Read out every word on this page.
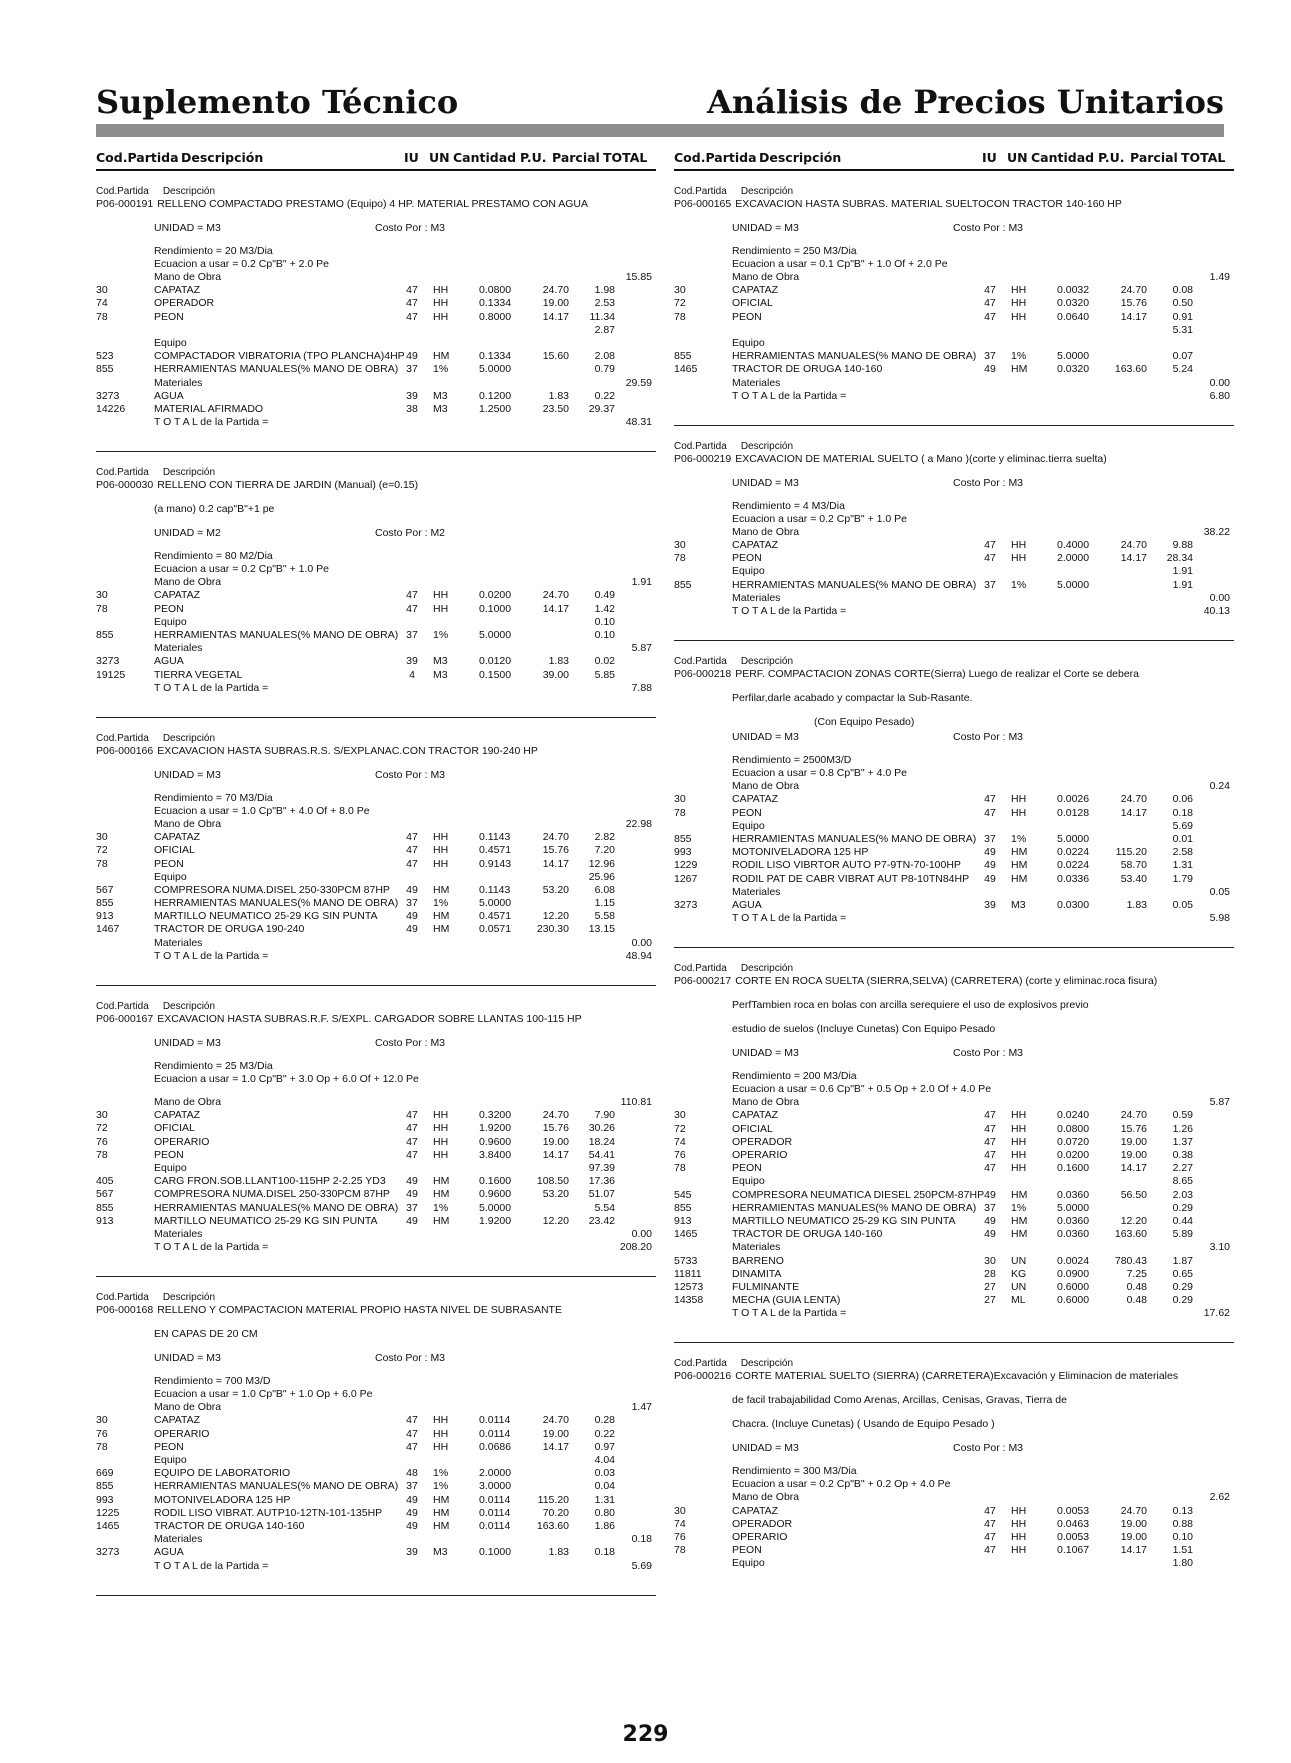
Suplemento Técnico	Análisis de Precios Unitarios
Cod.Partida Descripción	IU UN Cantidad P.U. Parcial TOTAL
Cod.Partida Descripción
P06-000191 RELLENO COMPACTADO PRESTAMO (Equipo) 4 HP. MATERIAL PRESTAMO CON AGUA
UNIDAD = M3	Costo Por : M3
Rendimiento = 20 M3/Dia
Ecuacion a usar = 0.2 Cp"B" + 2.0 Pe
Mano de Obra	15.85
30	CAPATAZ	47	HH	0.0800	24.70	1.98
74	OPERADOR	47	HH	0.1334	19.00	2.53
78	PEON	47	HH	0.8000	14.17	11.34
2.87
Equipo
523	COMPACTADOR VIBRATORIA (TPO PLANCHA)4HP 49	HM	0.1334	15.60	2.08
855	HERRAMIENTAS MANUALES(% MANO DE OBRA) 37	1%	5.0000	0.79
Materiales	29.59
3273	AGUA	39	M3	0.1200	1.83	0.22
14226	MATERIAL AFIRMADO	38	M3	1.2500	23.50	29.37
T O T A L de la Partida =	48.31
Cod.Partida Descripción
P06-000030 RELLENO CON TIERRA DE JARDIN (Manual) (e=0.15)
(a mano) 0.2 cap"B"+1 pe
UNIDAD = M2	Costo Por : M2
Rendimiento = 80 M2/Dia
Ecuacion a usar = 0.2 Cp"B" + 1.0 Pe
Mano de Obra	1.91
30	CAPATAZ	47	HH	0.0200	24.70	0.49
78	PEON	47	HH	0.1000	14.17	1.42
Equipo	0.10
855	HERRAMIENTAS MANUALES(% MANO DE OBRA) 37	1%	5.0000	0.10
Materiales	5.87
3273	AGUA	39	M3	0.0120	1.83	0.02
19125	TIERRA VEGETAL	4	M3	0.1500	39.00	5.85
T O T A L de la Partida =	7.88
Cod.Partida Descripción
P06-000166 EXCAVACION HASTA SUBRAS.R.S. S/EXPLANAC.CON TRACTOR 190-240 HP
UNIDAD = M3	Costo Por : M3
Rendimiento = 70 M3/Dia
Ecuacion a usar = 1.0 Cp"B" + 4.0 Of + 8.0 Pe
Mano de Obra	22.98
30	CAPATAZ	47	HH	0.1143	24.70	2.82
72	OFICIAL	47	HH	0.4571	15.76	7.20
78	PEON	47	HH	0.9143	14.17	12.96
Equipo	25.96
567	COMPRESORA NUMA.DISEL 250-330PCM 87HP	49	HM	0.1143	53.20	6.08
855	HERRAMIENTAS MANUALES(% MANO DE OBRA) 37	1%	5.0000	1.15
913	MARTILLO NEUMATICO 25-29 KG SIN PUNTA	49	HM	0.4571	12.20	5.58
1467	TRACTOR DE ORUGA 190-240	49	HM	0.0571	230.30	13.15
Materiales	0.00
T O T A L de la Partida =	48.94
Cod.Partida Descripción
P06-000167 EXCAVACION HASTA SUBRAS.R.F. S/EXPL. CARGADOR SOBRE LLANTAS 100-115 HP
UNIDAD = M3	Costo Por : M3
Rendimiento = 25 M3/Dia
Ecuacion a usar = 1.0 Cp"B" + 3.0 Op + 6.0 Of + 12.0 Pe
Mano de Obra	110.81
30	CAPATAZ	47	HH	0.3200	24.70	7.90
72	OFICIAL	47	HH	1.9200	15.76	30.26
76	OPERARIO	47	HH	0.9600	19.00	18.24
78	PEON	47	HH	3.8400	14.17	54.41
Equipo	97.39
405	CARG FRON.SOB.LLANT100-115HP 2-2.25 YD3	49	HM	0.1600	108.50	17.36
567	COMPRESORA NUMA.DISEL 250-330PCM 87HP	49	HM	0.9600	53.20	51.07
855	HERRAMIENTAS MANUALES(% MANO DE OBRA) 37	1%	5.0000	5.54
913	MARTILLO NEUMATICO 25-29 KG SIN PUNTA	49	HM	1.9200	12.20	23.42
Materiales	0.00
T O T A L de la Partida =	208.20
Cod.Partida Descripción
P06-000168 RELLENO Y COMPACTACION MATERIAL PROPIO HASTA NIVEL DE SUBRASANTE
EN CAPAS DE 20 CM
UNIDAD = M3	Costo Por : M3
Rendimiento = 700 M3/D
Ecuacion a usar = 1.0 Cp"B" + 1.0 Op + 6.0 Pe
Mano de Obra	1.47
30	CAPATAZ	47	HH	0.0114	24.70	0.28
76	OPERARIO	47	HH	0.0114	19.00	0.22
78	PEON	47	HH	0.0686	14.17	0.97
Equipo	4.04
669	EQUIPO DE LABORATORIO	48	1%	2.0000	0.03
855	HERRAMIENTAS MANUALES(% MANO DE OBRA) 37	1%	3.0000	0.04
993	MOTONIVELADORA 125 HP	49	HM	0.0114	115.20	1.31
1225	RODIL LISO VIBRAT. AUTP10-12TN-101-135HP	49	HM	0.0114	70.20	0.80
1465	TRACTOR DE ORUGA 140-160	49	HM	0.0114	163.60	1.86
Materiales	0.18
3273	AGUA	39	M3	0.1000	1.83	0.18
T O T A L de la Partida =	5.69
Cod.Partida Descripción	IU UN Cantidad P.U. Parcial TOTAL
Cod.Partida Descripción
P06-000165 EXCAVACION HASTA SUBRAS. MATERIAL SUELTOCON TRACTOR 140-160 HP
UNIDAD = M3	Costo Por : M3
Rendimiento = 250 M3/Dia
Ecuacion a usar = 0.1 Cp"B" + 1.0 Of + 2.0 Pe
Mano de Obra	1.49
30	CAPATAZ	47	HH	0.0032	24.70	0.08
72	OFICIAL	47	HH	0.0320	15.76	0.50
78	PEON	47	HH	0.0640	14.17	0.91
5.31
Equipo
855	HERRAMIENTAS MANUALES(% MANO DE OBRA) 37	1%	5.0000	0.07
1465	TRACTOR DE ORUGA 140-160	49	HM	0.0320	163.60	5.24
Materiales	0.00
T O T A L de la Partida =	6.80
Cod.Partida Descripción
P06-000219 EXCAVACION DE MATERIAL SUELTO ( a Mano )(corte y eliminac.tierra suelta)
UNIDAD = M3	Costo Por : M3
Rendimiento = 4 M3/Dia
Ecuacion a usar = 0.2 Cp"B" + 1.0 Pe
Mano de Obra	38.22
30	CAPATAZ	47	HH	0.4000	24.70	9.88
78	PEON	47	HH	2.0000	14.17	28.34
Equipo	1.91
855	HERRAMIENTAS MANUALES(% MANO DE OBRA) 37	1%	5.0000	1.91
Materiales	0.00
T O T A L de la Partida =	40.13
Cod.Partida Descripción
P06-000218 PERF. COMPACTACION ZONAS CORTE(Sierra) Luego de realizar el Corte se debera
Perfilar,darle acabado y compactar la Sub-Rasante.
(Con Equipo Pesado)
UNIDAD = M3	Costo Por : M3
Rendimiento = 2500M3/D
Ecuacion a usar = 0.8 Cp"B" + 4.0 Pe
Mano de Obra	0.24
30	CAPATAZ	47	HH	0.0026	24.70	0.06
78	PEON	47	HH	0.0128	14.17	0.18
Equipo	5.69
855	HERRAMIENTAS MANUALES(% MANO DE OBRA) 37	1%	5.0000	0.01
993	MOTONIVELADORA 125 HP	49	HM	0.0224	115.20	2.58
1229	RODIL LISO VIBRTOR AUTO P7-9TN-70-100HP	49	HM	0.0224	58.70	1.31
1267	RODIL PAT DE CABR VIBRAT AUT P8-10TN84HP	49	HM	0.0336	53.40	1.79
Materiales	0.05
3273	AGUA	39	M3	0.0300	1.83	0.05
T O T A L de la Partida =	5.98
Cod.Partida Descripción
P06-000217 CORTE EN ROCA SUELTA (SIERRA,SELVA) (CARRETERA) (corte y eliminac.roca fisura)
PerfTambien roca en bolas con arcilla serequiere el uso de explosivos previo
estudio de suelos (Incluye Cunetas) Con Equipo Pesado
UNIDAD = M3	Costo Por : M3
Rendimiento = 200 M3/Dia
Ecuacion a usar = 0.6 Cp"B" + 0.5 Op + 2.0 Of + 4.0 Pe
Mano de Obra	5.87
30	CAPATAZ	47	HH	0.0240	24.70	0.59
72	OFICIAL	47	HH	0.0800	15.76	1.26
74	OPERADOR	47	HH	0.0720	19.00	1.37
76	OPERARIO	47	HH	0.0200	19.00	0.38
78	PEON	47	HH	0.1600	14.17	2.27
Equipo	8.65
545	COMPRESORA NEUMATICA DIESEL 250PCM-87HP 49	HM	0.0360	56.50	2.03
855	HERRAMIENTAS MANUALES(% MANO DE OBRA) 37	1%	5.0000	0.29
913	MARTILLO NEUMATICO 25-29 KG SIN PUNTA	49	HM	0.0360	12.20	0.44
1465	TRACTOR DE ORUGA 140-160	49	HM	0.0360	163.60	5.89
Materiales	3.10
5733	BARRENO	30	UN	0.0024	780.43	1.87
11811	DINAMITA	28	KG	0.0900	7.25	0.65
12573	FULMINANTE	27	UN	0.6000	0.48	0.29
14358	MECHA (GUIA LENTA)	27	ML	0.6000	0.48	0.29
T O T A L de la Partida =	17.62
Cod.Partida Descripción
P06-000216 CORTE MATERIAL SUELTO (SIERRA) (CARRETERA)Excavación y Eliminacion de materiales
de facil trabajabilidad Como Arenas, Arcillas, Cenisas, Gravas, Tierra de
Chacra. (Incluye Cunetas) ( Usando de Equipo Pesado )
UNIDAD = M3	Costo Por : M3
Rendimiento = 300 M3/Dia
Ecuacion a usar = 0.2 Cp"B" + 0.2 Op + 4.0 Pe
Mano de Obra	2.62
30	CAPATAZ	47	HH	0.0053	24.70	0.13
74	OPERADOR	47	HH	0.0463	19.00	0.88
76	OPERARIO	47	HH	0.0053	19.00	0.10
78	PEON	47	HH	0.1067	14.17	1.51
Equipo	1.80
229
